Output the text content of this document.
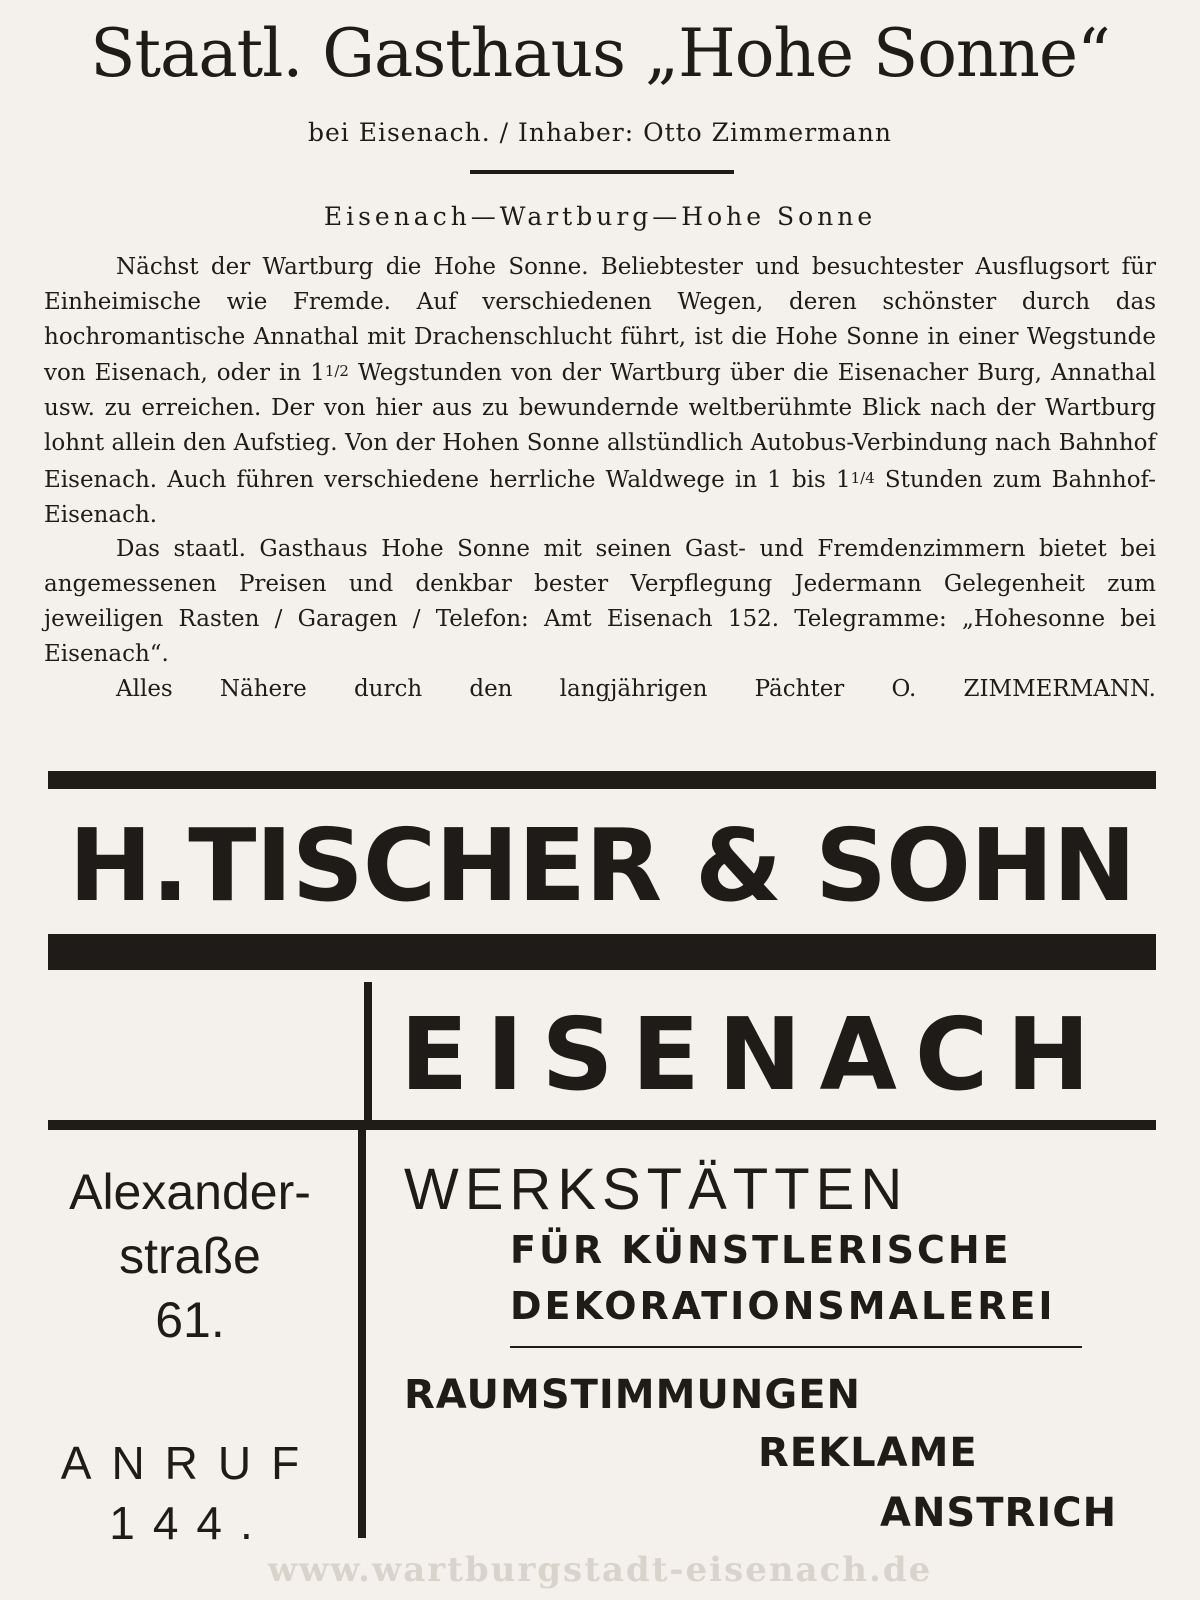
Staatl. Gasthaus „Hohe Sonne“
bei Eisenach. / Inhaber: Otto Zimmermann
Eisenach—Wartburg—Hohe Sonne

Nächst der Wartburg die Hohe Sonne. Beliebtester und besuchtester Ausflugsort für Einheimische wie Fremde. Auf verschiedenen Wegen, deren schönster durch das hochromantische Annathal mit Drachenschlucht führt, ist die Hohe Sonne in einer Wegstunde von Eisenach, oder in 11/2 Wegstunden von der Wartburg über die Eisenacher Burg, Annathal usw. zu erreichen. Der von hier aus zu bewundernde weltberühmte Blick nach der Wartburg lohnt allein den Aufstieg. Von der Hohen Sonne allstündlich Autobus-Verbindung nach Bahnhof Eisenach. Auch führen verschiedene herrliche Waldwege in 1 bis 11/4 Stunden zum Bahnhof-Eisenach.

Das staatl. Gasthaus Hohe Sonne mit seinen Gast- und Fremdenzimmern bietet bei angemessenen Preisen und denkbar bester Verpflegung Jedermann Gelegenheit zum jeweiligen Rasten / Garagen / Telefon: Amt Eisenach 152. Telegramme: „Hohesonne bei Eisenach“.

Alles Nähere durch den langjährigen Pächter O. ZIMMERMANN.

H.TISCHER & SOHN
EISENACH
Alexander-
straße
61.
ANRUF
144.
WERKSTÄTTEN
FÜR KÜNSTLERISCHE
DEKORATIONSMALEREI
RAUMSTIMMUNGEN
REKLAME
ANSTRICH
www.wartburgstadt-eisenach.de
